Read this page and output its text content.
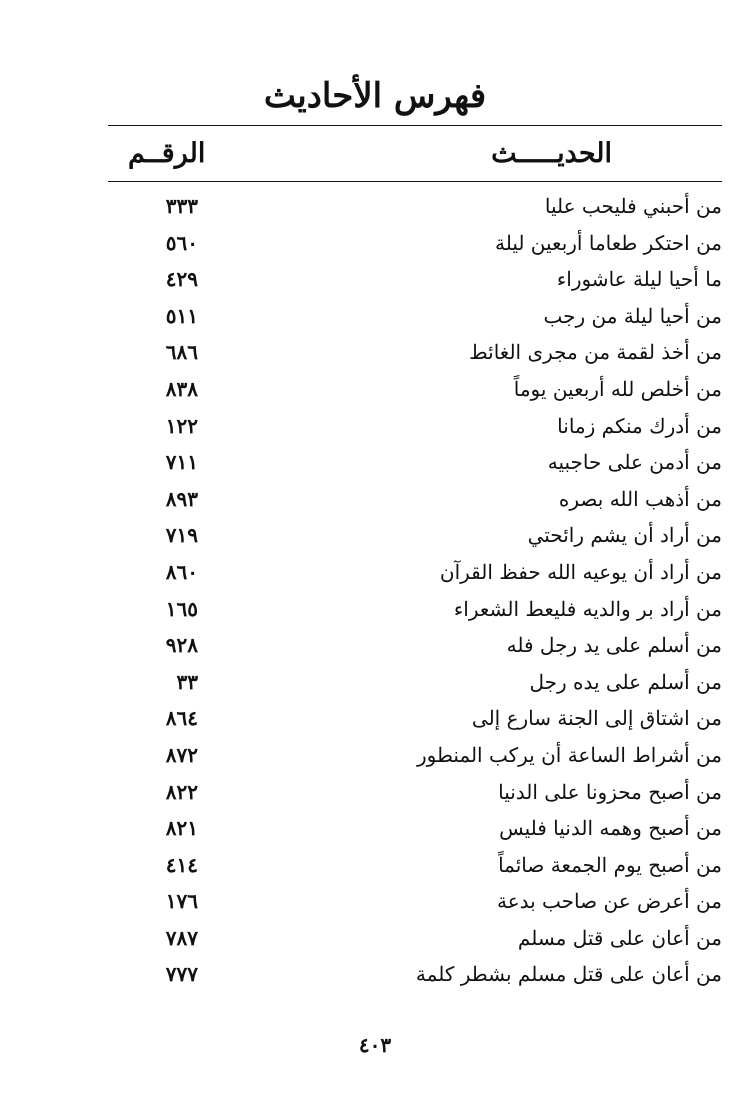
فهرس الأحاديث
الحديـــــث
الرقــم
من أحبني فليحب عليا
٣٣٣
من احتكر طعاما أربعين ليلة
٥٦٠
ما أحيا ليلة عاشوراء
٤٢٩
من أحيا ليلة من رجب
٥١١
من أخذ لقمة من مجرى الغائط
٦٨٦
من أخلص لله أربعين يوماً
٨٣٨
من أدرك منكم زمانا
١٢٢
من أدمن على حاجبيه
٧١١
من أذهب الله بصره
٨٩٣
من أراد أن يشم رائحتي
٧١٩
من أراد أن يوعيه الله حفظ القرآن
٨٦٠
من أراد بر والديه فليعط الشعراء
١٦٥
من أسلم على يد رجل فله
٩٢٨
من أسلم على يده رجل
٣٣
من اشتاق إلى الجنة سارع إلى
٨٦٤
من أشراط الساعة أن يركب المنطور
٨٧٢
من أصبح محزونا على الدنيا
٨٢٢
من أصبح وهمه الدنيا فليس
٨٢١
من أصبح يوم الجمعة صائماً
٤١٤
من أعرض عن صاحب بدعة
١٧٦
من أعان على قتل مسلم
٧٨٧
من أعان على قتل مسلم بشطر كلمة
٧٧٧
٤٠٣
